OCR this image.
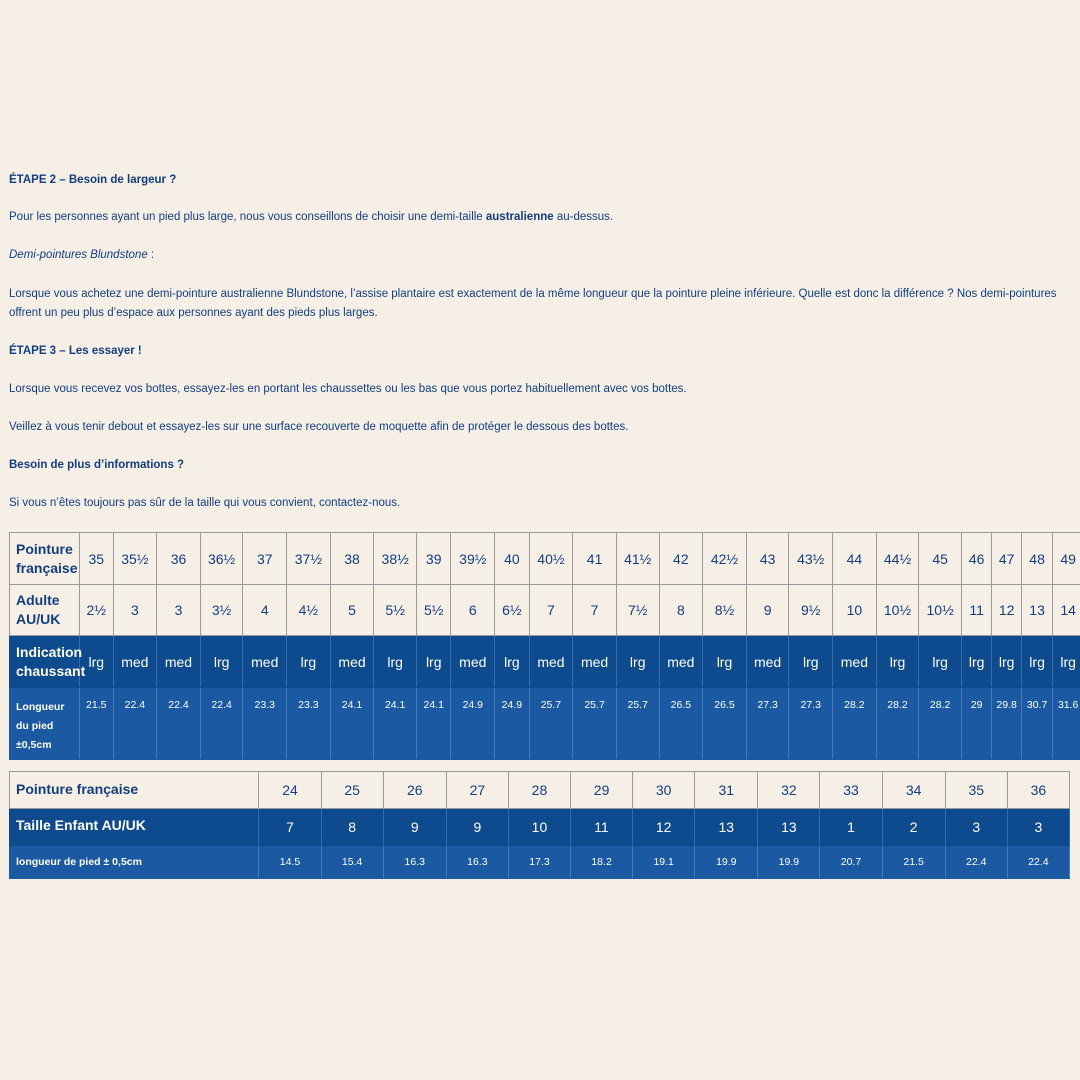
ÉTAPE 2 – Besoin de largeur ?

Pour les personnes ayant un pied plus large, nous vous conseillons de choisir une demi-taille australienne au-dessus.

Demi-pointures Blundstone :

Lorsque vous achetez une demi-pointure australienne Blundstone, l’assise plantaire est exactement de la même longueur que la pointure pleine inférieure. Quelle est donc la différence ? Nos demi-pointures offrent un peu plus d’espace aux personnes ayant des pieds plus larges.

ÉTAPE 3 – Les essayer !

Lorsque vous recevez vos bottes, essayez-les en portant les chaussettes ou les bas que vous portez habituellement avec vos bottes.

Veillez à vous tenir debout et essayez-les sur une surface recouverte de moquette afin de protéger le dessous des bottes.

Besoin de plus d’informations ?

Si vous n’êtes toujours pas sûr de la taille qui vous convient, contactez-nous.

Pointure française	35	35½	36	36½	37	37½	38	38½	39	39½	40	40½	41	41½	42	42½	43	43½	44	44½	45	46	47	48	49
Adulte AU/UK	2½	3	3	3½	4	4½	5	5½	5½	6	6½	7	7	7½	8	8½	9	9½	10	10½	10½	11	12	13	14
Indication chaussant	lrg	med	med	lrg	med	lrg	med	lrg	lrg	med	lrg	med	med	lrg	med	lrg	med	lrg	med	lrg	lrg	lrg	lrg	lrg	lrg
Longueur du pied ±0,5cm	21.5	22.4	22.4	22.4	23.3	23.3	24.1	24.1	24.1	24.9	24.9	25.7	25.7	25.7	26.5	26.5	27.3	27.3	28.2	28.2	28.2	29	29.8	30.7	31.6
Pointure française	24	25	26	27	28	29	30	31	32	33	34	35	36
Taille Enfant AU/UK	7	8	9	9	10	11	12	13	13	1	2	3	3
longueur de pied ± 0,5cm	14.5	15.4	16.3	16.3	17.3	18.2	19.1	19.9	19.9	20.7	21.5	22.4	22.4
